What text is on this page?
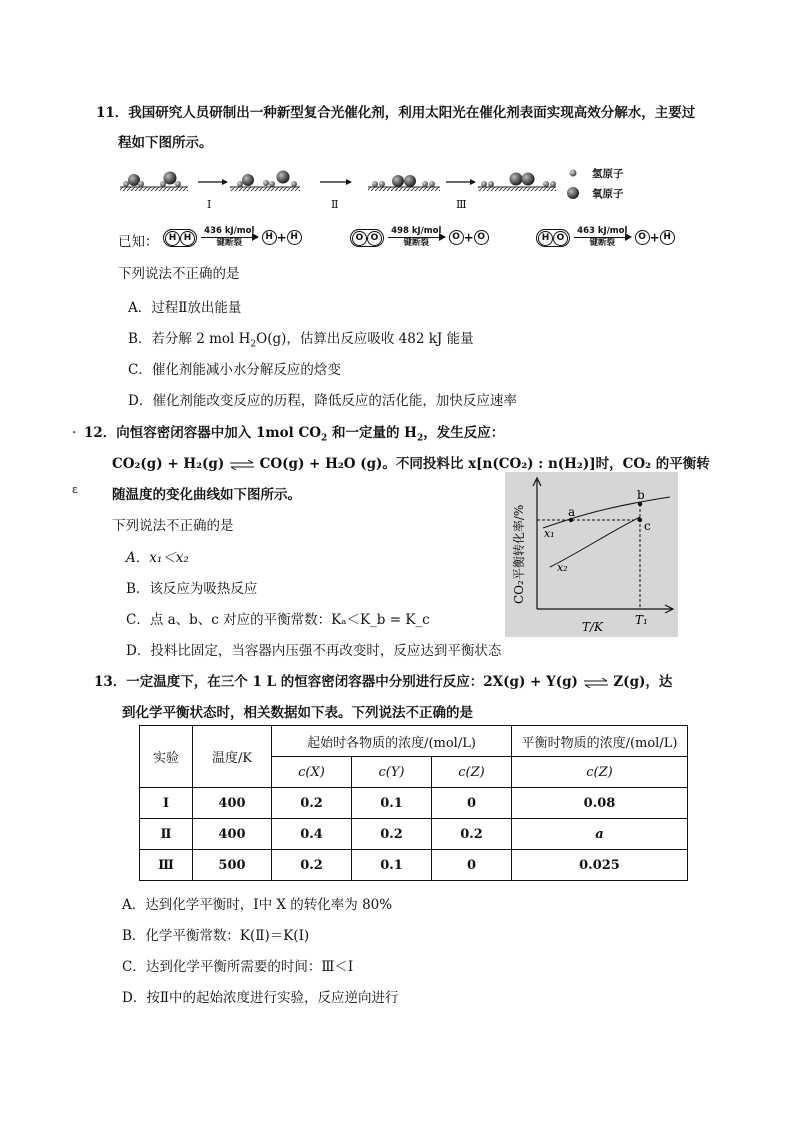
11．我国研究人员研制出一种新型复合光催化剂，利用太阳光在催化剂表面实现高效分解水，主要过
程如下图所示。
Ⅰ	Ⅱ	Ⅲ
氢原子
氧原子
已知：	H H 436 kJ/mol
键断裂 H + H	O O 498 kJ/mol
键断裂 O + O	H O 463 kJ/mol
键断裂 O + H
下列说法不正确的是
A．过程Ⅱ放出能量
B．若分解 2 mol $H_2O(g)$，估算出反应吸收 482 kJ 能量
C．催化剂能减小水分解反应的焓变
D．催化剂能改变反应的历程，降低反应的活化能，加快反应速率
.
ε
12．向恒容密闭容器中加入 1mol $CO_2$ 和一定量的 $H_2$，发生反应：
CO₂(g) + H₂(g) ⇌ CO(g) + H₂O (g)。不同投料比 x[n(CO₂) : n(H₂)]时，CO₂ 的平衡转
随温度的变化曲线如下图所示。
下列说法不正确的是
A．x₁＜x₂
B．该反应为吸热反应
C．点 a、b、c 对应的平衡常数：Kₐ＜K_b = K_c
D．投料比固定，当容器内压强不再改变时，反应达到平衡状态
CO₂平衡转化率/%
T/K	T₁
x₁
x₂
a
b
c
13．一定温度下，在三个 1 L 的恒容密闭容器中分别进行反应：2X(g) + Y(g) ⇌ Z(g)，达
到化学平衡状态时，相关数据如下表。下列说法不正确的是
实验	温度/K	起始时各物质的浓度/(mol/L)			平衡时物质的浓度/(mol/L)
		c(X)	c(Y)	c(Z)	c(Z)
Ⅰ	400	0.2	0.1	0	0.08
Ⅱ	400	0.4	0.2	0.2	a
Ⅲ	500	0.2	0.1	0	0.025
A．达到化学平衡时，Ⅰ中 X 的转化率为 80%
B．化学平衡常数：K(Ⅱ)＝K(Ⅰ)
C．达到化学平衡所需要的时间：Ⅲ＜Ⅰ
D．按Ⅱ中的起始浓度进行实验，反应逆向进行
